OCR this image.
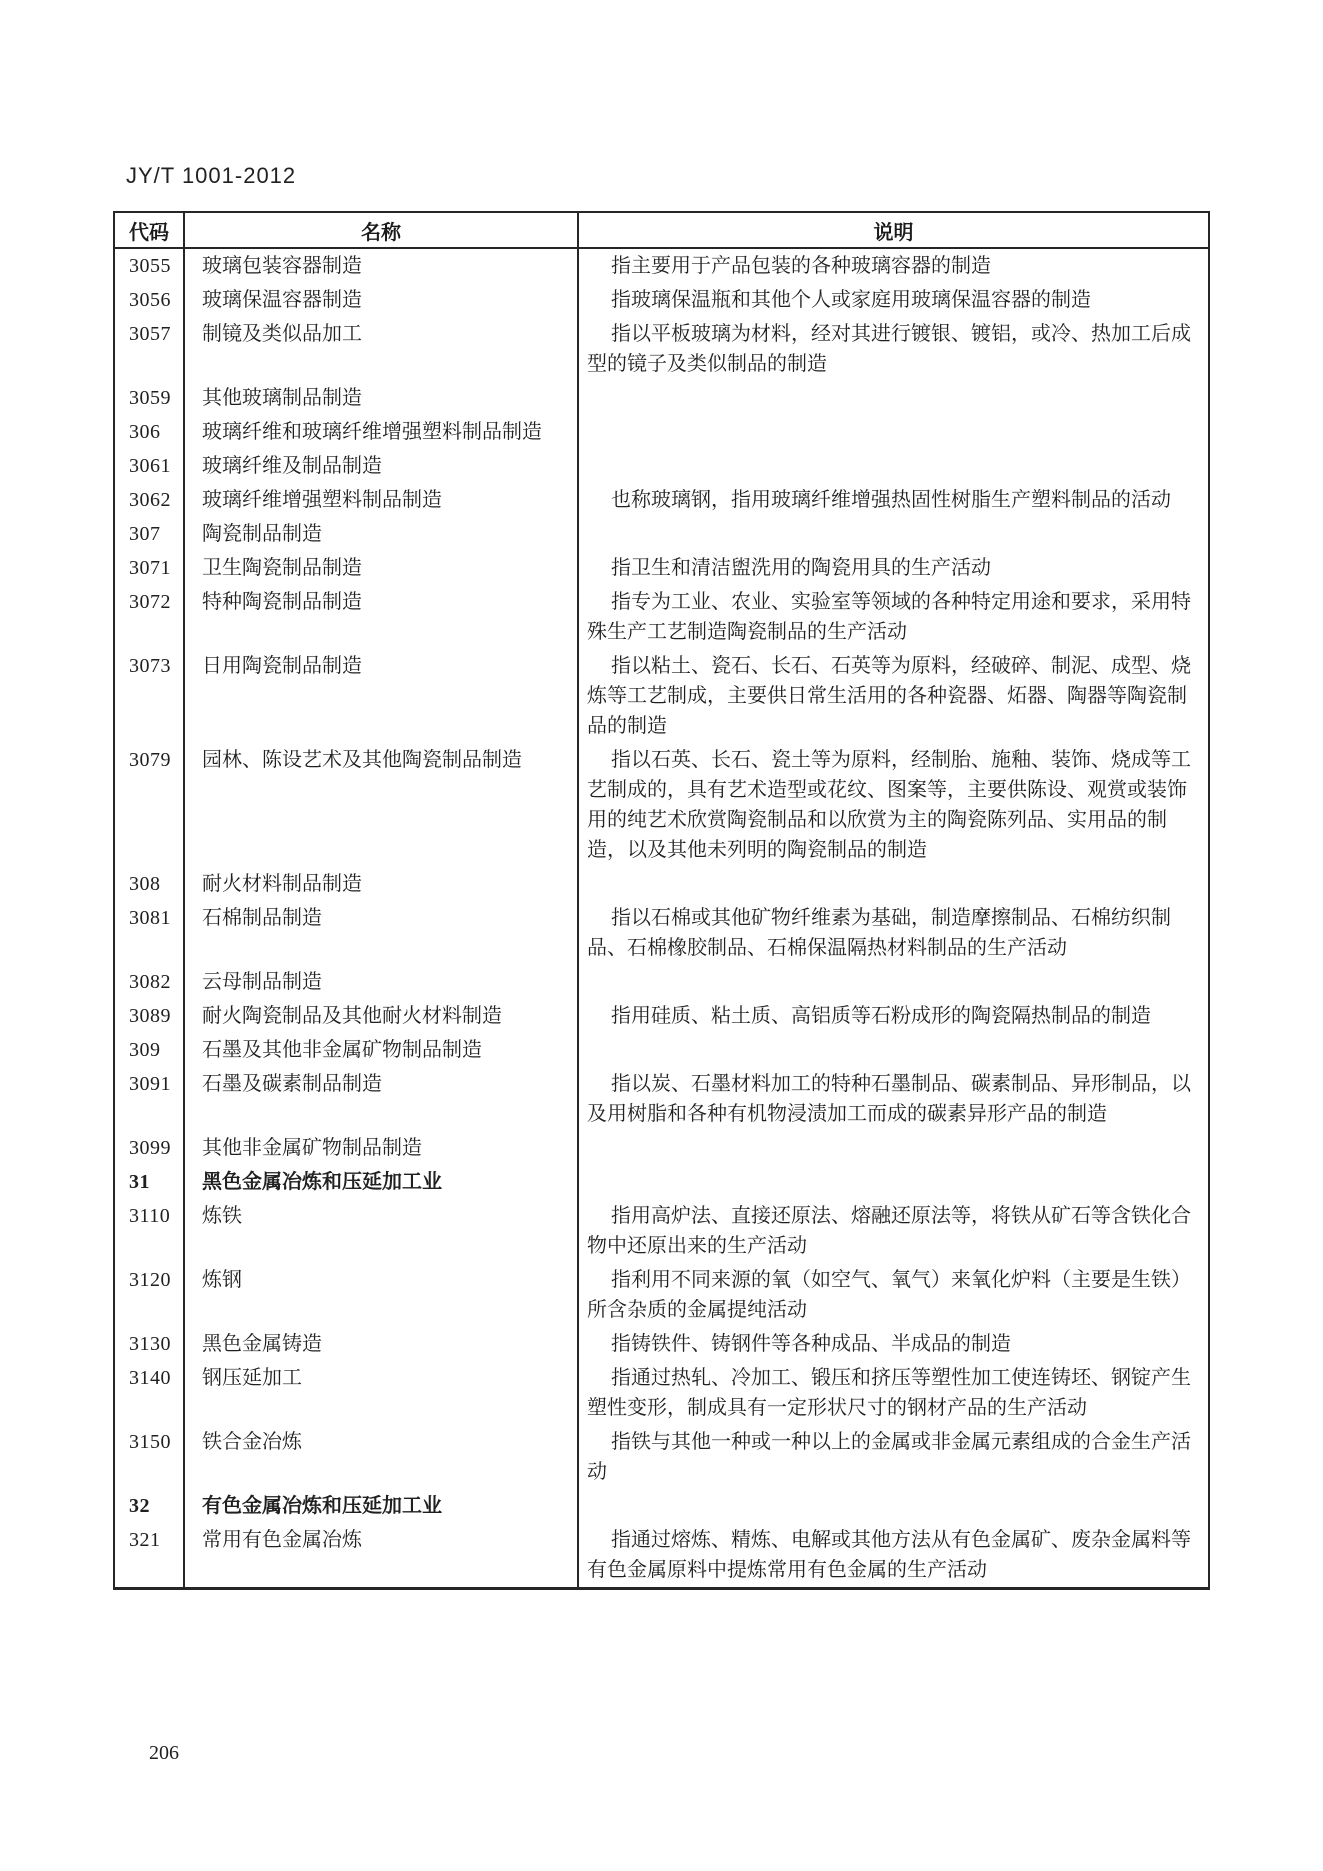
JY/T 1001-2012
代码	名称	说明
3055	玻璃包装容器制造	指主要用于产品包装的各种玻璃容器的制造

3056	玻璃保温容器制造	指玻璃保温瓶和其他个人或家庭用玻璃保温容器的制造

3057	制镜及类似品加工	指以平板玻璃为材料，经对其进行镀银、镀铝，或冷、热加工后成型的镜子及类似制品的制造

3059	其他玻璃制品制造	

306	玻璃纤维和玻璃纤维增强塑料制品制造	

3061	玻璃纤维及制品制造	

3062	玻璃纤维增强塑料制品制造	也称玻璃钢，指用玻璃纤维增强热固性树脂生产塑料制品的活动

307	陶瓷制品制造	

3071	卫生陶瓷制品制造	指卫生和清洁盥洗用的陶瓷用具的生产活动

3072	特种陶瓷制品制造	指专为工业、农业、实验室等领域的各种特定用途和要求，采用特殊生产工艺制造陶瓷制品的生产活动

3073	日用陶瓷制品制造	指以粘土、瓷石、长石、石英等为原料，经破碎、制泥、成型、烧炼等工艺制成，主要供日常生活用的各种瓷器、炻器、陶器等陶瓷制品的制造

3079	园林、陈设艺术及其他陶瓷制品制造	指以石英、长石、瓷土等为原料，经制胎、施釉、装饰、烧成等工艺制成的，具有艺术造型或花纹、图案等，主要供陈设、观赏或装饰用的纯艺术欣赏陶瓷制品和以欣赏为主的陶瓷陈列品、实用品的制造，以及其他未列明的陶瓷制品的制造

308	耐火材料制品制造	

3081	石棉制品制造	指以石棉或其他矿物纤维素为基础，制造摩擦制品、石棉纺织制品、石棉橡胶制品、石棉保温隔热材料制品的生产活动

3082	云母制品制造	

3089	耐火陶瓷制品及其他耐火材料制造	指用硅质、粘土质、高铝质等石粉成形的陶瓷隔热制品的制造

309	石墨及其他非金属矿物制品制造	

3091	石墨及碳素制品制造	指以炭、石墨材料加工的特种石墨制品、碳素制品、异形制品，以及用树脂和各种有机物浸渍加工而成的碳素异形产品的制造

3099	其他非金属矿物制品制造	

31	黑色金属冶炼和压延加工业	

3110	炼铁	指用高炉法、直接还原法、熔融还原法等，将铁从矿石等含铁化合物中还原出来的生产活动

3120	炼钢	指利用不同来源的氧（如空气、氧气）来氧化炉料（主要是生铁）所含杂质的金属提纯活动

3130	黑色金属铸造	指铸铁件、铸钢件等各种成品、半成品的制造

3140	钢压延加工	指通过热轧、冷加工、锻压和挤压等塑性加工使连铸坯、钢锭产生塑性变形，制成具有一定形状尺寸的钢材产品的生产活动

3150	铁合金冶炼	指铁与其他一种或一种以上的金属或非金属元素组成的合金生产活动

32	有色金属冶炼和压延加工业	

321	常用有色金属冶炼	指通过熔炼、精炼、电解或其他方法从有色金属矿、废杂金属料等有色金属原料中提炼常用有色金属的生产活动

206
